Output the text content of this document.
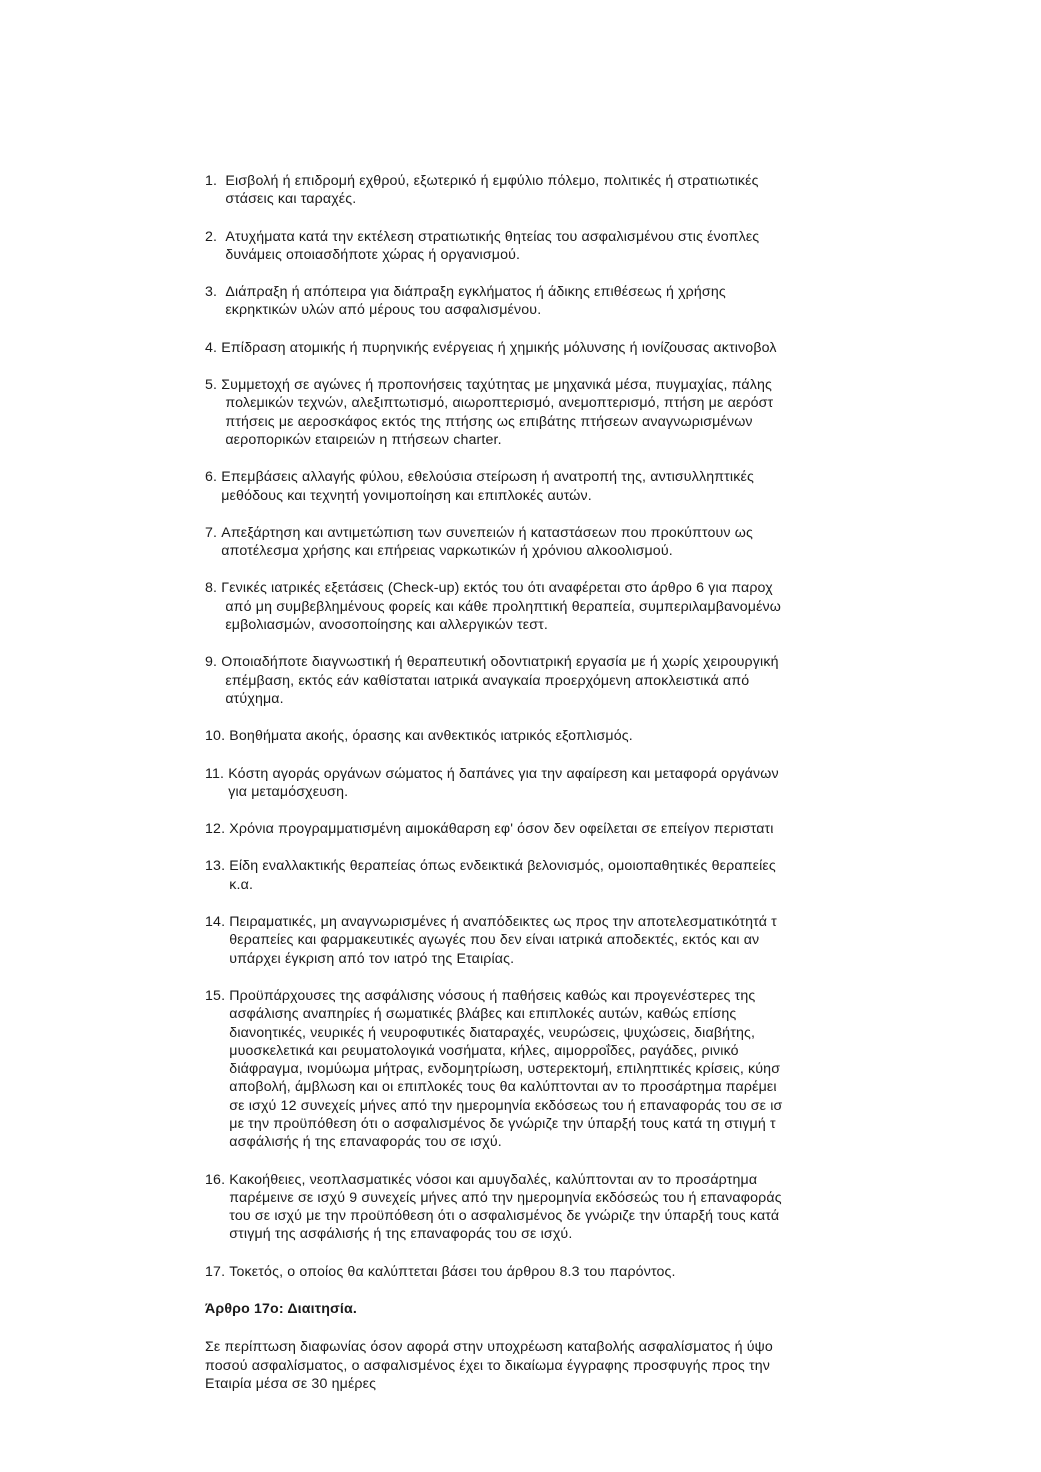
1. Εισβολή ή επιδρομή εχθρού, εξωτερικό ή εμφύλιο πόλεμο, πολιτικές ή στρατιωτικές
στάσεις και ταραχές.
2. Ατυχήματα κατά την εκτέλεση στρατιωτικής θητείας του ασφαλισμένου στις ένοπλες
δυνάμεις οποιασδήποτε χώρας ή οργανισμού.
3. Διάπραξη ή απόπειρα για διάπραξη εγκλήματος ή άδικης επιθέσεως ή χρήσης
εκρηκτικών υλών από μέρους του ασφαλισμένου.
4. Επίδραση ατομικής ή πυρηνικής ενέργειας ή χημικής μόλυνσης ή ιονίζουσας ακτινοβολ
5. Συμμετοχή σε αγώνες ή προπονήσεις ταχύτητας με μηχανικά μέσα, πυγμαχίας, πάλης
πολεμικών τεχνών, αλεξιπτωτισμό, αιωροπτερισμό, ανεμοπτερισμό, πτήση με αερόστ
πτήσεις με αεροσκάφος εκτός της πτήσης ως επιβάτης πτήσεων αναγνωρισμένων
αεροπορικών εταιρειών η πτήσεων charter.
6. Επεμβάσεις αλλαγής φύλου, εθελούσια στείρωση ή ανατροπή της, αντισυλληπτικές
μεθόδους και τεχνητή γονιμοποίηση και επιπλοκές αυτών.
7. Απεξάρτηση και αντιμετώπιση των συνεπειών ή καταστάσεων που προκύπτουν ως
αποτέλεσμα χρήσης και επήρειας ναρκωτικών ή χρόνιου αλκοολισμού.
8. Γενικές ιατρικές εξετάσεις (Check-up) εκτός του ότι αναφέρεται στο άρθρο 6 για παροχ
από μη συμβεβλημένους φορείς και κάθε προληπτική θεραπεία, συμπεριλαμβανομένω
εμβολιασμών, ανοσοποίησης και αλλεργικών τεστ.
9. Οποιαδήποτε διαγνωστική ή θεραπευτική οδοντιατρική εργασία με ή χωρίς χειρουργική
επέμβαση, εκτός εάν καθίσταται ιατρικά αναγκαία προερχόμενη αποκλειστικά από
ατύχημα.
10. Βοηθήματα ακοής, όρασης και ανθεκτικός ιατρικός εξοπλισμός.
11. Κόστη αγοράς οργάνων σώματος ή δαπάνες για την αφαίρεση και μεταφορά οργάνων
για μεταμόσχευση.
12. Χρόνια προγραμματισμένη αιμοκάθαρση εφ' όσον δεν οφείλεται σε επείγον περιστατι
13. Είδη εναλλακτικής θεραπείας όπως ενδεικτικά βελονισμός, ομοιοπαθητικές θεραπείες
κ.α.
14. Πειραματικές, μη αναγνωρισμένες ή αναπόδεικτες ως προς την αποτελεσματικότητά τ
θεραπείες και φαρμακευτικές αγωγές που δεν είναι ιατρικά αποδεκτές, εκτός και αν
υπάρχει έγκριση από τον ιατρό της Εταιρίας.
15. Προϋπάρχουσες της ασφάλισης νόσους ή παθήσεις καθώς και προγενέστερες της
ασφάλισης αναπηρίες ή σωματικές βλάβες και επιπλοκές αυτών, καθώς επίσης
διανοητικές, νευρικές ή νευροφυτικές διαταραχές, νευρώσεις, ψυχώσεις, διαβήτης,
μυοσκελετικά και ρευματολογικά νοσήματα, κήλες, αιμορροΐδες, ραγάδες, ρινικό
διάφραγμα, ινομύωμα μήτρας, ενδομητρίωση, υστερεκτομή, επιληπτικές κρίσεις, κύησ
αποβολή, άμβλωση και οι επιπλοκές τους θα καλύπτονται αν το προσάρτημα παρέμει
σε ισχύ 12 συνεχείς μήνες από την ημερομηνία εκδόσεως του ή επαναφοράς του σε ισ
με την προϋπόθεση ότι ο ασφαλισμένος δε γνώριζε την ύπαρξή τους κατά τη στιγμή τ
ασφάλισής ή της επαναφοράς του σε ισχύ.
16. Κακοήθειες, νεοπλασματικές νόσοι και αμυγδαλές, καλύπτονται αν το προσάρτημα
παρέμεινε σε ισχύ 9 συνεχείς μήνες από την ημερομηνία εκδόσεώς του ή επαναφοράς
του σε ισχύ με την προϋπόθεση ότι ο ασφαλισμένος δε γνώριζε την ύπαρξή τους κατά
στιγμή της ασφάλισής ή της επαναφοράς του σε ισχύ.
17. Τοκετός, ο οποίος θα καλύπτεται βάσει του άρθρου 8.3 του παρόντος.
Άρθρο 17ο: Διαιτησία.
Σε περίπτωση διαφωνίας όσον αφορά στην υποχρέωση καταβολής ασφαλίσματος ή ύψο
ποσού ασφαλίσματος, ο ασφαλισμένος έχει το δικαίωμα έγγραφης προσφυγής προς την
Εταιρία μέσα σε 30 ημέρες
